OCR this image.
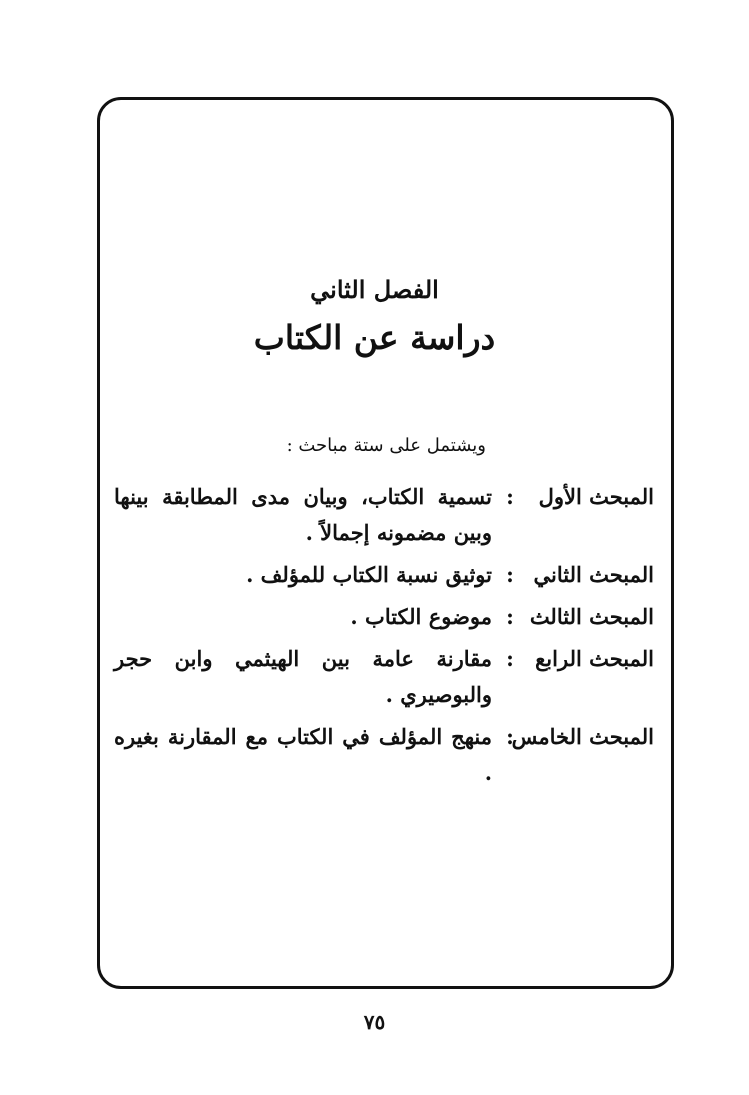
الفصل الثاني
دراسة عن الكتاب
ويشتمل على ستة مباحث :
المبحث الأول
:
تسمية الكتاب، وبيان مدى المطابقة بينها وبين مضمونه إجمالاً .
المبحث الثاني
:
توثيق نسبة الكتاب للمؤلف .
المبحث الثالث
:
موضوع الكتاب .
المبحث الرابع
:
مقارنة عامة بين الهيثمي وابن حجر والبوصيري .
المبحث الخامس
:
منهج المؤلف في الكتاب مع المقارنة بغيره .
٧٥
